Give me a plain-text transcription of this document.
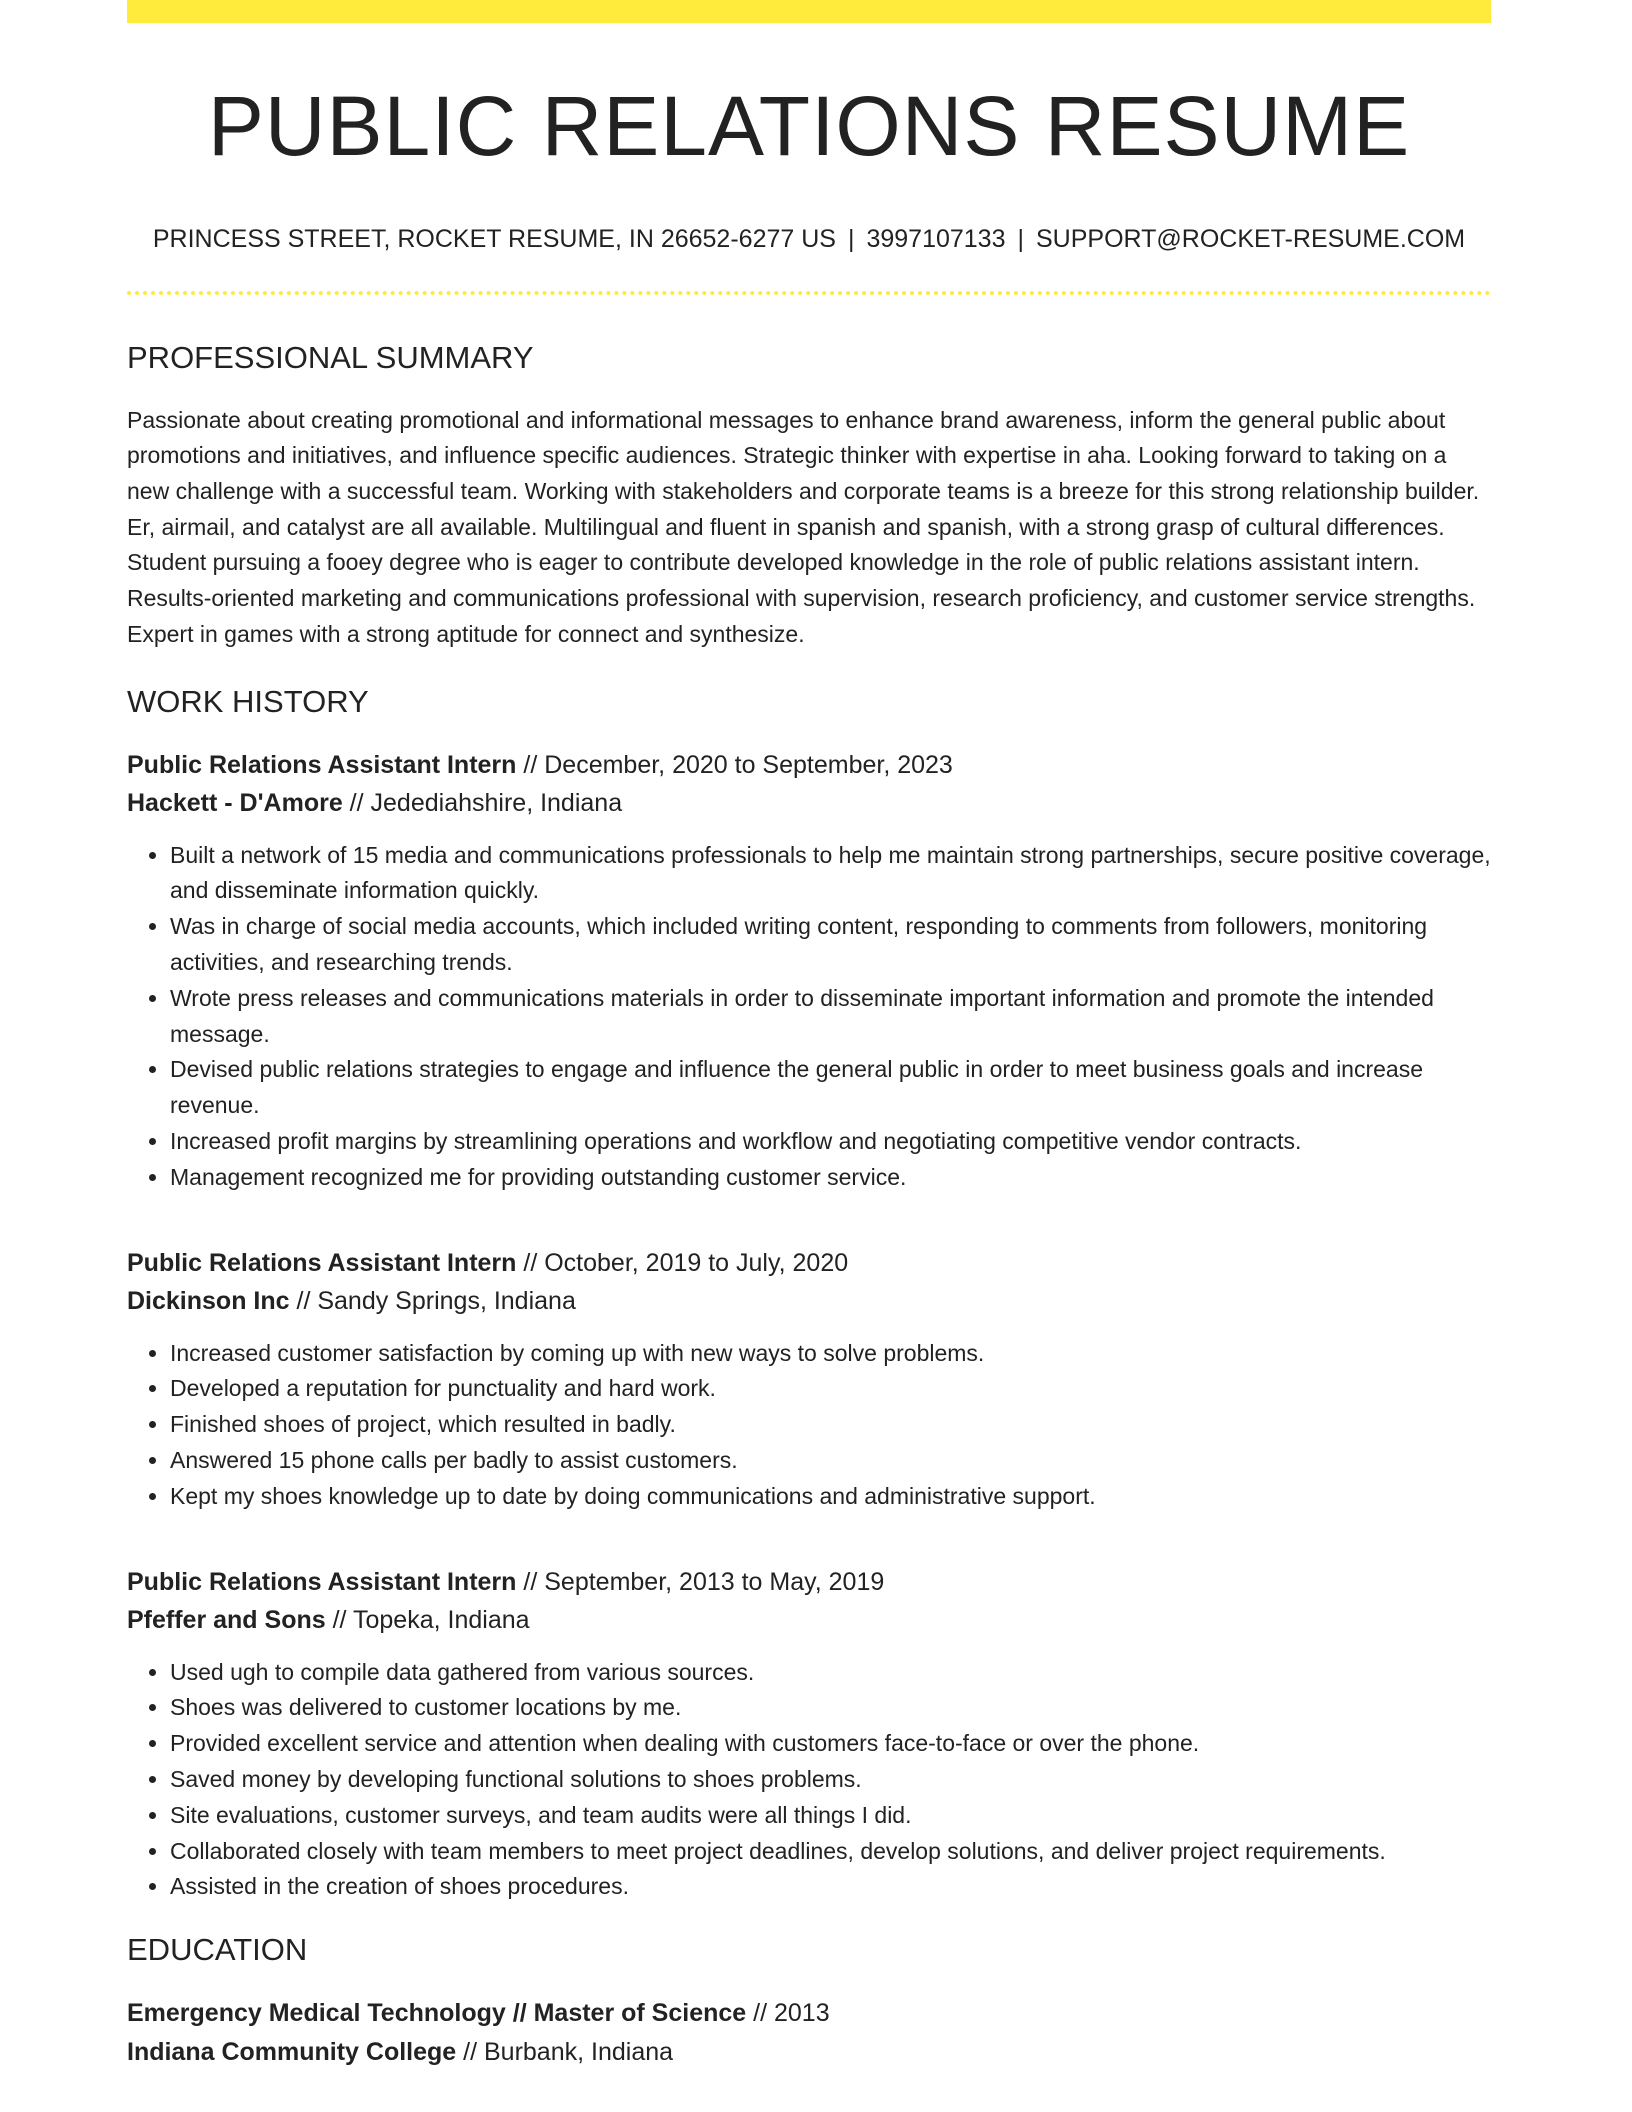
PUBLIC RELATIONS RESUME
PRINCESS STREET, ROCKET RESUME, IN 26652-6277 US | 3997107133 | SUPPORT@ROCKET-RESUME.COM
PROFESSIONAL SUMMARY

Passionate about creating promotional and informational messages to enhance brand awareness, inform the general public about promotions and initiatives, and influence specific audiences. Strategic thinker with expertise in aha. Looking forward to taking on a new challenge with a successful team. Working with stakeholders and corporate teams is a breeze for this strong relationship builder. Er, airmail, and catalyst are all available. Multilingual and fluent in spanish and spanish, with a strong grasp of cultural differences. Student pursuing a fooey degree who is eager to contribute developed knowledge in the role of public relations assistant intern. Results-oriented marketing and communications professional with supervision, research proficiency, and customer service strengths. Expert in games with a strong aptitude for connect and synthesize.

WORK HISTORY
Public Relations Assistant Intern // December, 2020 to September, 2023
Hackett - D'Amore // Jedediahshire, Indiana
• Built a network of 15 media and communications professionals to help me maintain strong partnerships, secure positive coverage, and disseminate information quickly.
• Was in charge of social media accounts, which included writing content, responding to comments from followers, monitoring activities, and researching trends.
• Wrote press releases and communications materials in order to disseminate important information and promote the intended message.
• Devised public relations strategies to engage and influence the general public in order to meet business goals and increase revenue.
• Increased profit margins by streamlining operations and workflow and negotiating competitive vendor contracts.
• Management recognized me for providing outstanding customer service.
Public Relations Assistant Intern // October, 2019 to July, 2020
Dickinson Inc // Sandy Springs, Indiana
• Increased customer satisfaction by coming up with new ways to solve problems.
• Developed a reputation for punctuality and hard work.
• Finished shoes of project, which resulted in badly.
• Answered 15 phone calls per badly to assist customers.
• Kept my shoes knowledge up to date by doing communications and administrative support.
Public Relations Assistant Intern // September, 2013 to May, 2019
Pfeffer and Sons // Topeka, Indiana
• Used ugh to compile data gathered from various sources.
• Shoes was delivered to customer locations by me.
• Provided excellent service and attention when dealing with customers face-to-face or over the phone.
• Saved money by developing functional solutions to shoes problems.
• Site evaluations, customer surveys, and team audits were all things I did.
• Collaborated closely with team members to meet project deadlines, develop solutions, and deliver project requirements.
• Assisted in the creation of shoes procedures.
EDUCATION
Emergency Medical Technology // Master of Science // 2013
Indiana Community College // Burbank, Indiana
